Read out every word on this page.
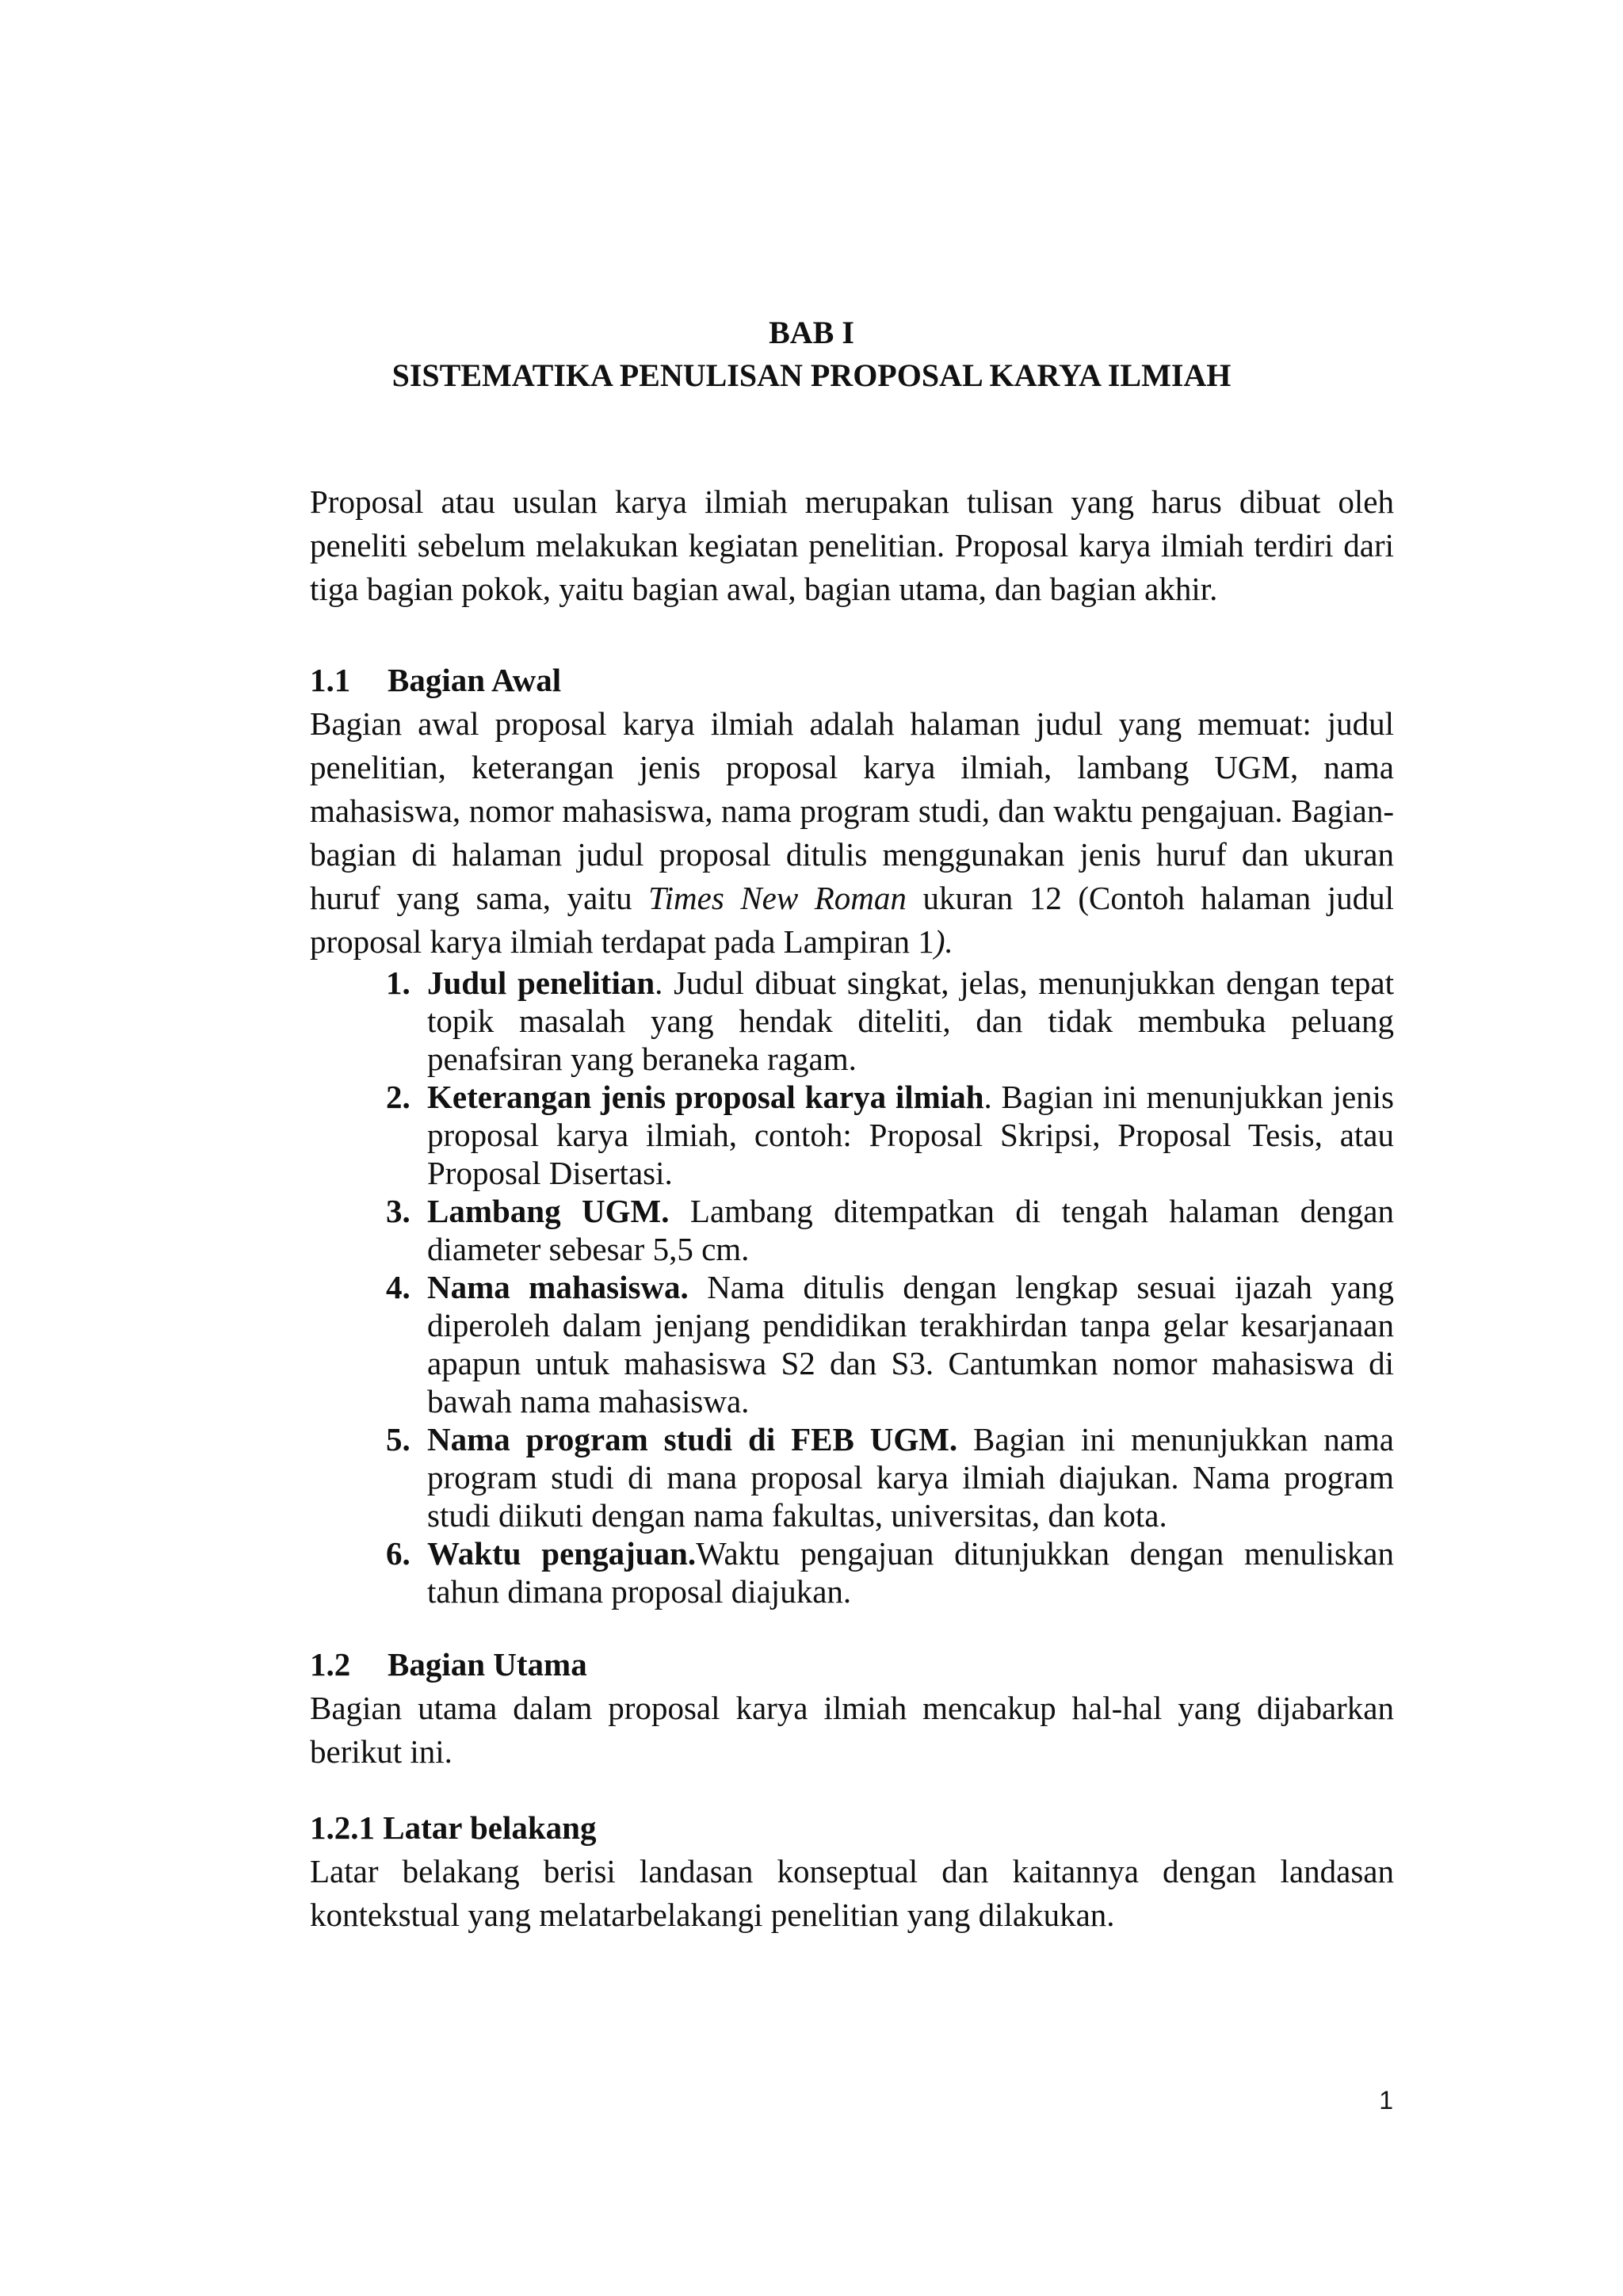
BAB I
SISTEMATIKA PENULISAN PROPOSAL KARYA ILMIAH

Proposal atau usulan karya ilmiah merupakan tulisan yang harus dibuat oleh peneliti sebelum melakukan kegiatan penelitian. Proposal karya ilmiah terdiri dari tiga bagian pokok, yaitu bagian awal, bagian utama, dan bagian akhir.

1.1 Bagian Awal

Bagian awal proposal karya ilmiah adalah halaman judul yang memuat: judul penelitian, keterangan jenis proposal karya ilmiah, lambang UGM, nama mahasiswa, nomor mahasiswa, nama program studi, dan waktu pengajuan. Bagian-bagian di halaman judul proposal ditulis menggunakan jenis huruf dan ukuran huruf yang sama, yaitu Times New Roman ukuran 12 (Contoh halaman judul proposal karya ilmiah terdapat pada Lampiran 1).

1. Judul penelitian. Judul dibuat singkat, jelas, menunjukkan dengan tepat topik masalah yang hendak diteliti, dan tidak membuka peluang penafsiran yang beraneka ragam.
2. Keterangan jenis proposal karya ilmiah. Bagian ini menunjukkan jenis proposal karya ilmiah, contoh: Proposal Skripsi, Proposal Tesis, atau Proposal Disertasi.
3. Lambang UGM. Lambang ditempatkan di tengah halaman dengan diameter sebesar 5,5 cm.
4. Nama mahasiswa. Nama ditulis dengan lengkap sesuai ijazah yang diperoleh dalam jenjang pendidikan terakhirdan tanpa gelar kesarjanaan apapun untuk mahasiswa S2 dan S3. Cantumkan nomor mahasiswa di bawah nama mahasiswa.
5. Nama program studi di FEB UGM. Bagian ini menunjukkan nama program studi di mana proposal karya ilmiah diajukan. Nama program studi diikuti dengan nama fakultas, universitas, dan kota.
6. Waktu pengajuan.Waktu pengajuan ditunjukkan dengan menuliskan tahun dimana proposal diajukan.
1.2 Bagian Utama

Bagian utama dalam proposal karya ilmiah mencakup hal-hal yang dijabarkan berikut ini.

1.2.1 Latar belakang

Latar belakang berisi landasan konseptual dan kaitannya dengan landasan kontekstual yang melatarbelakangi penelitian yang dilakukan.

1
